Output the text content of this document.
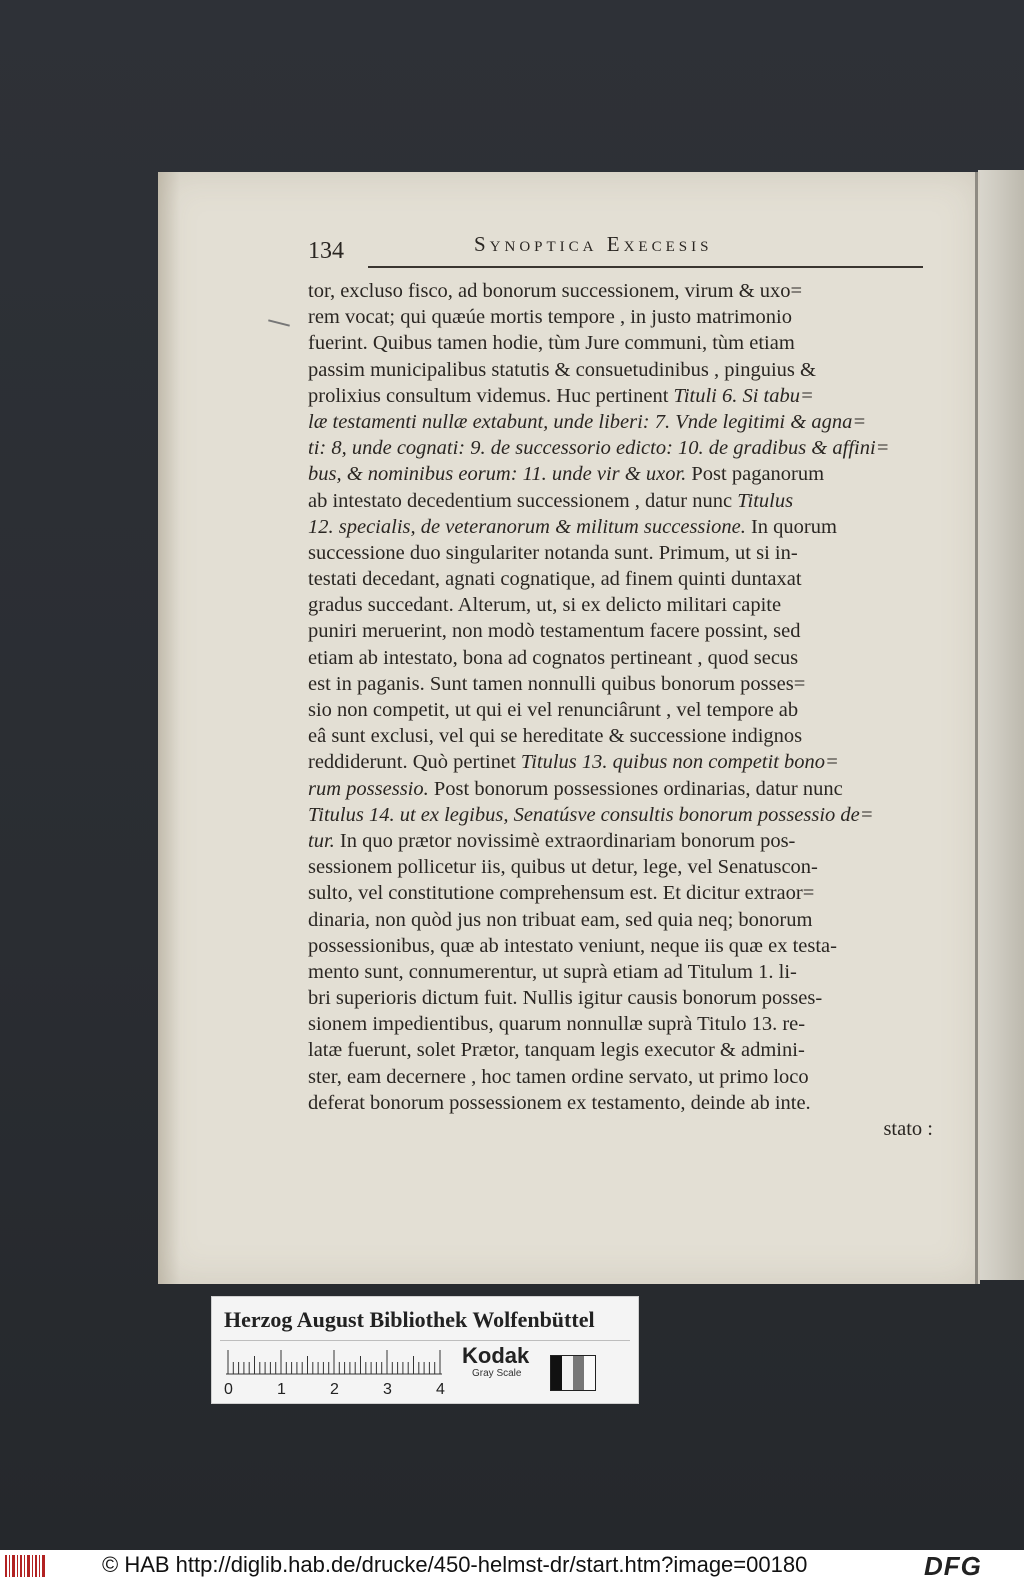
134	Synoptica Execesis
tor, excluso fisco, ad bonorum successionem, virum & uxo=
rem vocat; qui quæúe mortis tempore , in justo matrimonio
fuerint. Quibus tamen hodie, tùm Jure communi, tùm etiam
passim municipalibus statutis & consuetudinibus , pinguius &
prolixius consultum videmus. Huc pertinent Tituli 6. Si tabu=
læ testamenti nullæ extabunt, unde liberi: 7. Vnde legitimi & agna=
ti: 8, unde cognati: 9. de successorio edicto: 10. de gradibus & affini=
bus, & nominibus eorum: 11. unde vir & uxor. Post paganorum
ab intestato decedentium successionem , datur nunc Titulus
12. specialis, de veteranorum & militum successione. In quorum
successione duo singulariter notanda sunt. Primum, ut si in-
testati decedant, agnati cognatique, ad finem quinti duntaxat
gradus succedant. Alterum, ut, si ex delicto militari capite
puniri meruerint, non modò testamentum facere possint, sed
etiam ab intestato, bona ad cognatos pertineant , quod secus
est in paganis. Sunt tamen nonnulli quibus bonorum posses=
sio non competit, ut qui ei vel renunciârunt , vel tempore ab
eâ sunt exclusi, vel qui se hereditate & successione indignos
reddiderunt. Quò pertinet Titulus 13. quibus non competit bono=
rum possessio. Post bonorum possessiones ordinarias, datur nunc
Titulus 14. ut ex legibus, Senatúsve consultis bonorum possessio de=
tur. In quo prætor novissimè extraordinariam bonorum pos-
sessionem pollicetur iis, quibus ut detur, lege, vel Senatuscon-
sulto, vel constitutione comprehensum est. Et dicitur extraor=
dinaria, non quòd jus non tribuat eam, sed quia neq; bonorum
possessionibus, quæ ab intestato veniunt, neque iis quæ ex testa-
mento sunt, connumerentur, ut suprà etiam ad Titulum 1. li-
bri superioris dictum fuit. Nullis igitur causis bonorum posses-
sionem impedientibus, quarum nonnullæ suprà Titulo 13. re-
latæ fuerunt, solet Prætor, tanquam legis executor & admini-
ster, eam decernere , hoc tamen ordine servato, ut primo loco
deferat bonorum possessionem ex testamento, deinde ab inte.
stato :
Herzog August Bibliothek Wolfenbüttel
0	1	2	3	4
Kodak
Gray Scale
© HAB http://diglib.hab.de/drucke/450-helmst-dr/start.htm?image=00180	DFG
